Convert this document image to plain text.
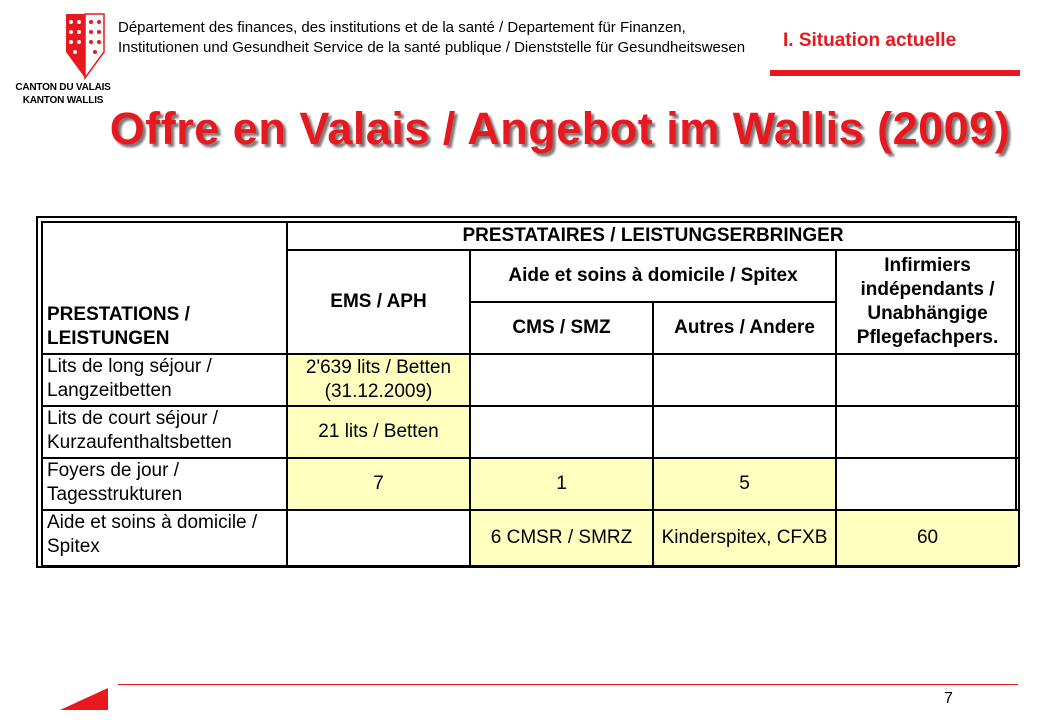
CANTON DU VALAIS
KANTON WALLIS
Département des finances, des institutions et de la santé / Departement für Finanzen, Institutionen und Gesundheit Service de la santé publique / Dienststelle für Gesundheitswesen	I. Situation actuelle
Offre en Valais / Angebot im Wallis (2009)
PRESTATIONS / LEISTUNGEN	PRESTATAIRES / LEISTUNGSERBRINGER			
	EMS / APH	Aide et soins à domicile / Spitex		Infirmiers indépendants / Unabhängige Pflegefachpers.
		CMS / SMZ	Autres / Andere	
Lits de long séjour / Langzeitbetten	2'639 lits / Betten (31.12.2009)			
Lits de court séjour / Kurzaufenthaltsbetten	21 lits / Betten			
Foyers de jour / Tagesstrukturen	7	1	5	
Aide et soins à domicile / Spitex		6 CMSR / SMRZ	Kinderspitex, CFXB	60
7
